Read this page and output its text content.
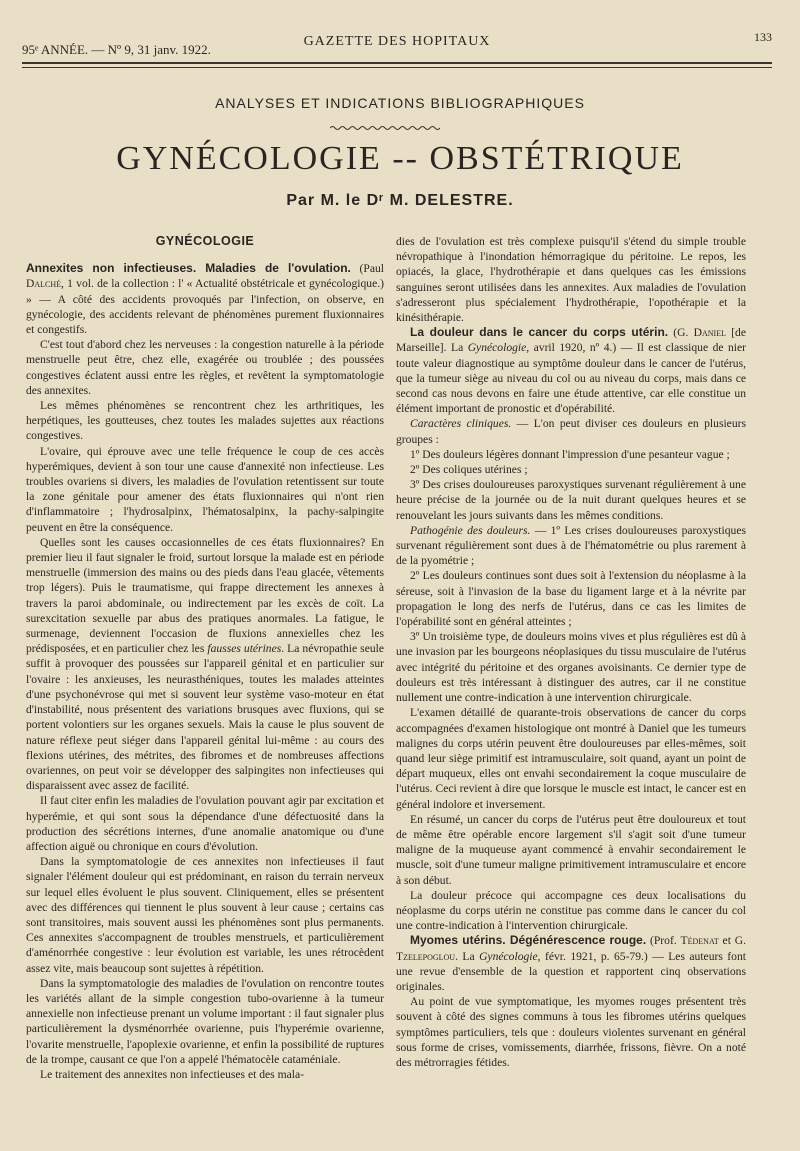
95ᵉ ANNÉE. — Nº 9, 31 janv. 1922.
GAZETTE DES HOPITAUX	133
ANALYSES ET INDICATIONS BIBLIOGRAPHIQUES
GYNÉCOLOGIE -- OBSTÉTRIQUE
Par M. le Dʳ M. DELESTRE.
GYNÉCOLOGIE

Annexites non infectieuses. Maladies de l'ovulation. (Paul Dalché, 1 vol. de la collection : l' « Actualité obstétricale et gynécologique.) » — A côté des accidents provoqués par l'infection, on observe, en gynécologie, des accidents relevant de phénomènes purement fluxionnaires et congestifs.

C'est tout d'abord chez les nerveuses : la congestion naturelle à la période menstruelle peut être, chez elle, exagérée ou troublée ; des poussées congestives éclatent aussi entre les règles, et revêtent la symptomatologie des annexites.

Les mêmes phénomènes se rencontrent chez les arthritiques, les herpétiques, les goutteuses, chez toutes les malades sujettes aux réactions congestives.

L'ovaire, qui éprouve avec une telle fréquence le coup de ces accès hyperémiques, devient à son tour une cause d'annexité non infectieuse. Les troubles ovariens si divers, les maladies de l'ovulation retentissent sur toute la zone génitale pour amener des états fluxionnaires qui n'ont rien d'inflammatoire ; l'hydrosalpinx, l'hématosalpinx, la pachy-salpingite peuvent en être la conséquence.

Quelles sont les causes occasionnelles de ces états fluxionnaires? En premier lieu il faut signaler le froid, surtout lorsque la malade est en période menstruelle (immersion des mains ou des pieds dans l'eau glacée, vêtements trop légers). Puis le traumatisme, qui frappe directement les annexes à travers la paroi abdominale, ou indirectement par les excès de coït. La surexcitation sexuelle par abus des pratiques anormales. La fatigue, le surmenage, deviennent l'occasion de fluxions annexielles chez les prédisposées, et en particulier chez les fausses utérines. La névropathie seule suffit à provoquer des poussées sur l'appareil génital et en particulier sur l'ovaire : les anxieuses, les neurasthéniques, toutes les malades atteintes d'une psychonévrose qui met si souvent leur système vaso-moteur en état d'instabilité, nous présentent des variations brusques avec fluxions, qui se portent volontiers sur les organes sexuels. Mais la cause le plus souvent de nature réflexe peut siéger dans l'appareil génital lui-même : au cours des flexions utérines, des métrites, des fibromes et de nombreuses affections ovariennes, on peut voir se développer des salpingites non infectieuses qui disparaissent avec assez de facilité.

Il faut citer enfin les maladies de l'ovulation pouvant agir par excitation et hyperémie, et qui sont sous la dépendance d'une défectuosité dans la production des sécrétions internes, d'une anomalie anatomique ou d'une affection aiguë ou chronique en cours d'évolution.

Dans la symptomatologie de ces annexites non infectieuses il faut signaler l'élément douleur qui est prédominant, en raison du terrain nerveux sur lequel elles évoluent le plus souvent. Cliniquement, elles se présentent avec des différences qui tiennent le plus souvent à leur cause ; certains cas sont transitoires, mais souvent aussi les phénomènes sont plus permanents. Ces annexites s'accompagnent de troubles menstruels, et particulièrement d'aménorrhée congestive : leur évolution est variable, les unes rétrocèdent assez vite, mais beaucoup sont sujettes à répétition.

Dans la symptomatologie des maladies de l'ovulation on rencontre toutes les variétés allant de la simple congestion tubo-ovarienne à la tumeur annexielle non infectieuse prenant un volume important : il faut signaler plus particulièrement la dysménorrhée ovarienne, puis l'hyperémie ovarienne, l'ovarite menstruelle, l'apoplexie ovarienne, et enfin la possibilité de ruptures de la trompe, causant ce que l'on a appelé l'hématocèle cataméniale.

Le traitement des annexites non infectieuses et des mala-

dies de l'ovulation est très complexe puisqu'il s'étend du simple trouble névropathique à l'inondation hémorragique du péritoine. Le repos, les opiacés, la glace, l'hydrothérapie et dans quelques cas les émissions sanguines seront utilisées dans les annexites. Aux maladies de l'ovulation s'adresseront plus spécialement l'hydrothérapie, l'opothérapie et la kinésithérapie.

La douleur dans le cancer du corps utérin. (G. Daniel [de Marseille]. La Gynécologie, avril 1920, nº 4.) — Il est classique de nier toute valeur diagnostique au symptôme douleur dans le cancer de l'utérus, que la tumeur siège au niveau du col ou au niveau du corps, mais dans ce second cas nous devons en faire une étude attentive, car elle constitue un élément important de pronostic et d'opérabilité.

Caractères cliniques. — L'on peut diviser ces douleurs en plusieurs groupes :

1º Des douleurs légères donnant l'impression d'une pesanteur vague ;

2º Des coliques utérines ;

3º Des crises douloureuses paroxystiques survenant régulièrement à une heure précise de la journée ou de la nuit durant quelques heures et se renouvelant les jours suivants dans les mêmes conditions.

Pathogénie des douleurs. — 1º Les crises douloureuses paroxystiques survenant régulièrement sont dues à de l'hématométrie ou plus rarement à de la pyométrie ;

2º Les douleurs continues sont dues soit à l'extension du néoplasme à la séreuse, soit à l'invasion de la base du ligament large et à la névrite par propagation le long des nerfs de l'utérus, dans ce cas les limites de l'opérabilité sont en général atteintes ;

3º Un troisième type, de douleurs moins vives et plus régulières est dû à une invasion par les bourgeons néoplasiques du tissu musculaire de l'utérus avec intégrité du péritoine et des organes avoisinants. Ce dernier type de douleurs est très intéressant à distinguer des autres, car il ne constitue nullement une contre-indication à une intervention chirurgicale.

L'examen détaillé de quarante-trois observations de cancer du corps accompagnées d'examen histologique ont montré à Daniel que les tumeurs malignes du corps utérin peuvent être douloureuses par elles-mêmes, soit quand leur siège primitif est intramusculaire, soit quand, ayant un point de départ muqueux, elles ont envahi secondairement la coque musculaire de l'utérus. Ceci revient à dire que lorsque le muscle est intact, le cancer est en général indolore et inversement.

En résumé, un cancer du corps de l'utérus peut être douloureux et tout de même être opérable encore largement s'il s'agit soit d'une tumeur maligne de la muqueuse ayant commencé à envahir secondairement le muscle, soit d'une tumeur maligne primitivement intramusculaire et encore à son début.

La douleur précoce qui accompagne ces deux localisations du néoplasme du corps utérin ne constitue pas comme dans le cancer du col une contre-indication à l'intervention chirurgicale.

Myomes utérins. Dégénérescence rouge. (Prof. Tédenat et G. Tzelepoglou. La Gynécologie, févr. 1921, p. 65-79.) — Les auteurs font une revue d'ensemble de la question et rapportent cinq observations originales.

Au point de vue symptomatique, les myomes rouges présentent très souvent à côté des signes communs à tous les fibromes utérins quelques symptômes particuliers, tels que : douleurs violentes survenant en général sous forme de crises, vomissements, diarrhée, frissons, fièvre. On a noté des métrorragies fétides.
